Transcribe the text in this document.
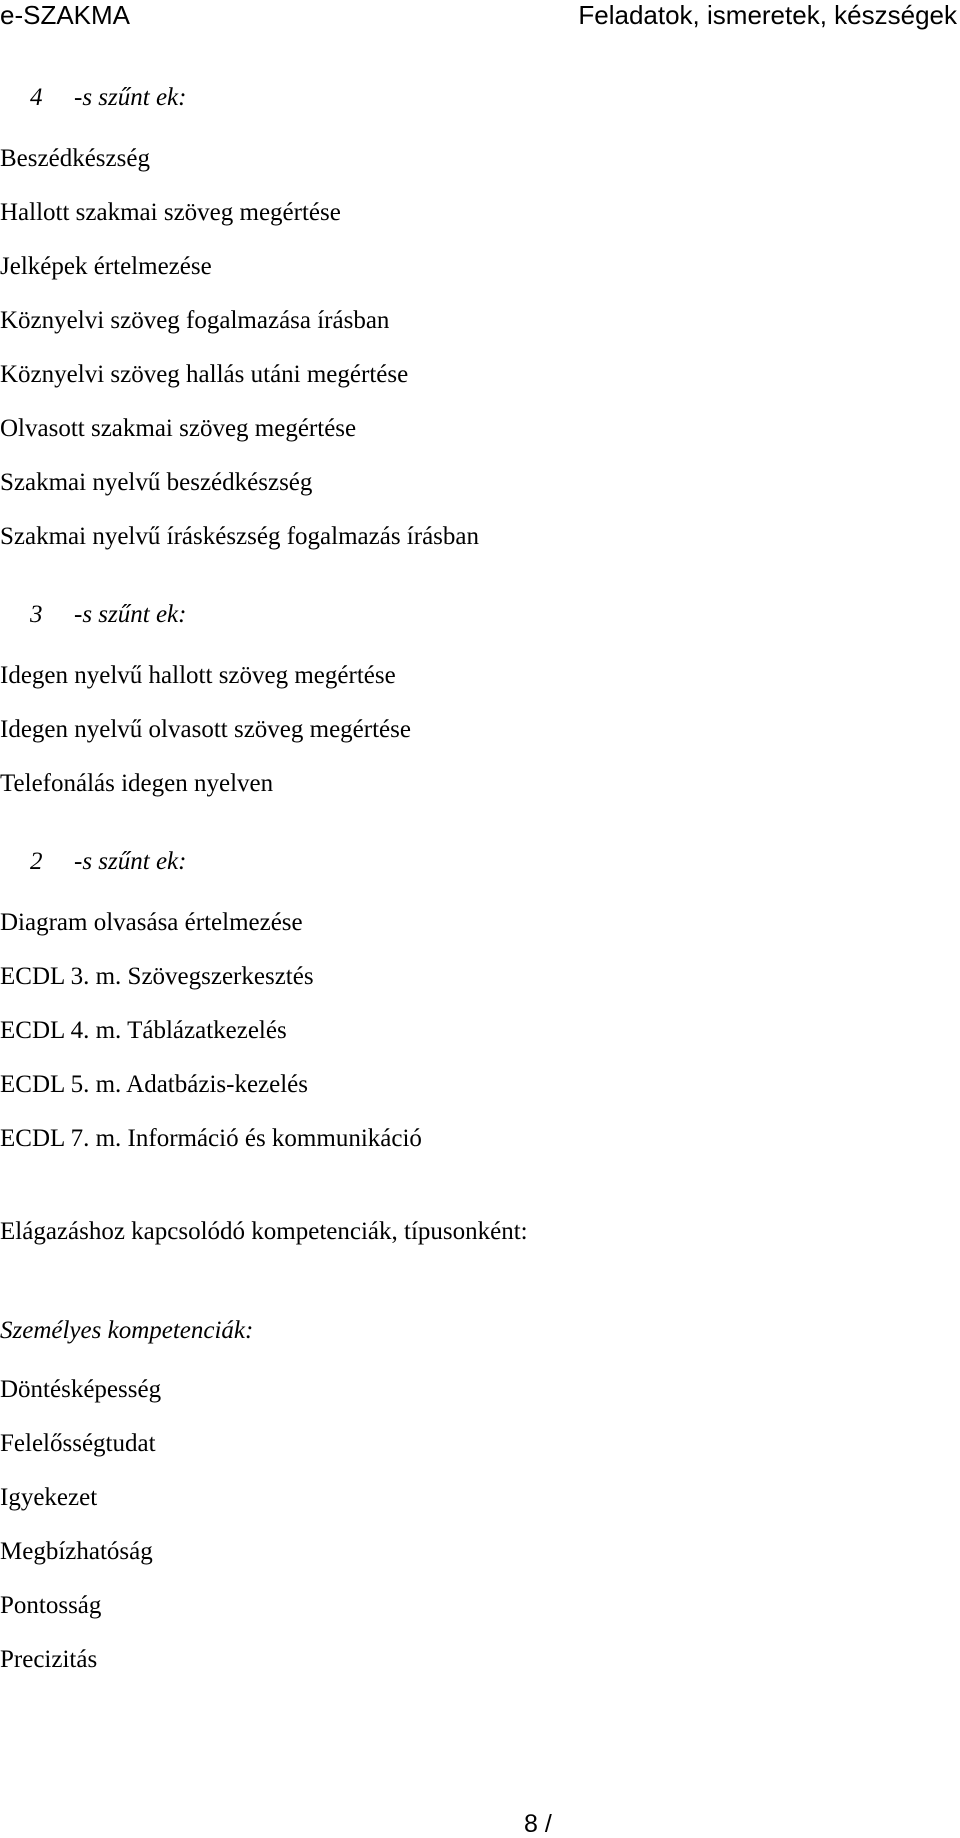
e-SZAKMA	Feladatok, ismeretek, készségek
4 -s szűnt ek:
Beszédkészség
Hallott szakmai szöveg megértése
Jelképek értelmezése
Köznyelvi szöveg fogalmazása írásban
Köznyelvi szöveg hallás utáni megértése
Olvasott szakmai szöveg megértése
Szakmai nyelvű beszédkészség
Szakmai nyelvű íráskészség fogalmazás írásban
3 -s szűnt ek:
Idegen nyelvű hallott szöveg megértése
Idegen nyelvű olvasott szöveg megértése
Telefonálás idegen nyelven
2 -s szűnt ek:
Diagram olvasása értelmezése
ECDL 3. m. Szövegszerkesztés
ECDL 4. m. Táblázatkezelés
ECDL 5. m. Adatbázis-kezelés
ECDL 7. m. Információ és kommunikáció
Elágazáshoz kapcsolódó kompetenciák, típusonként:
Személyes kompetenciák:
Döntésképesség
Felelősségtudat
Igyekezet
Megbízhatóság
Pontosság
Precizitás
8 /
